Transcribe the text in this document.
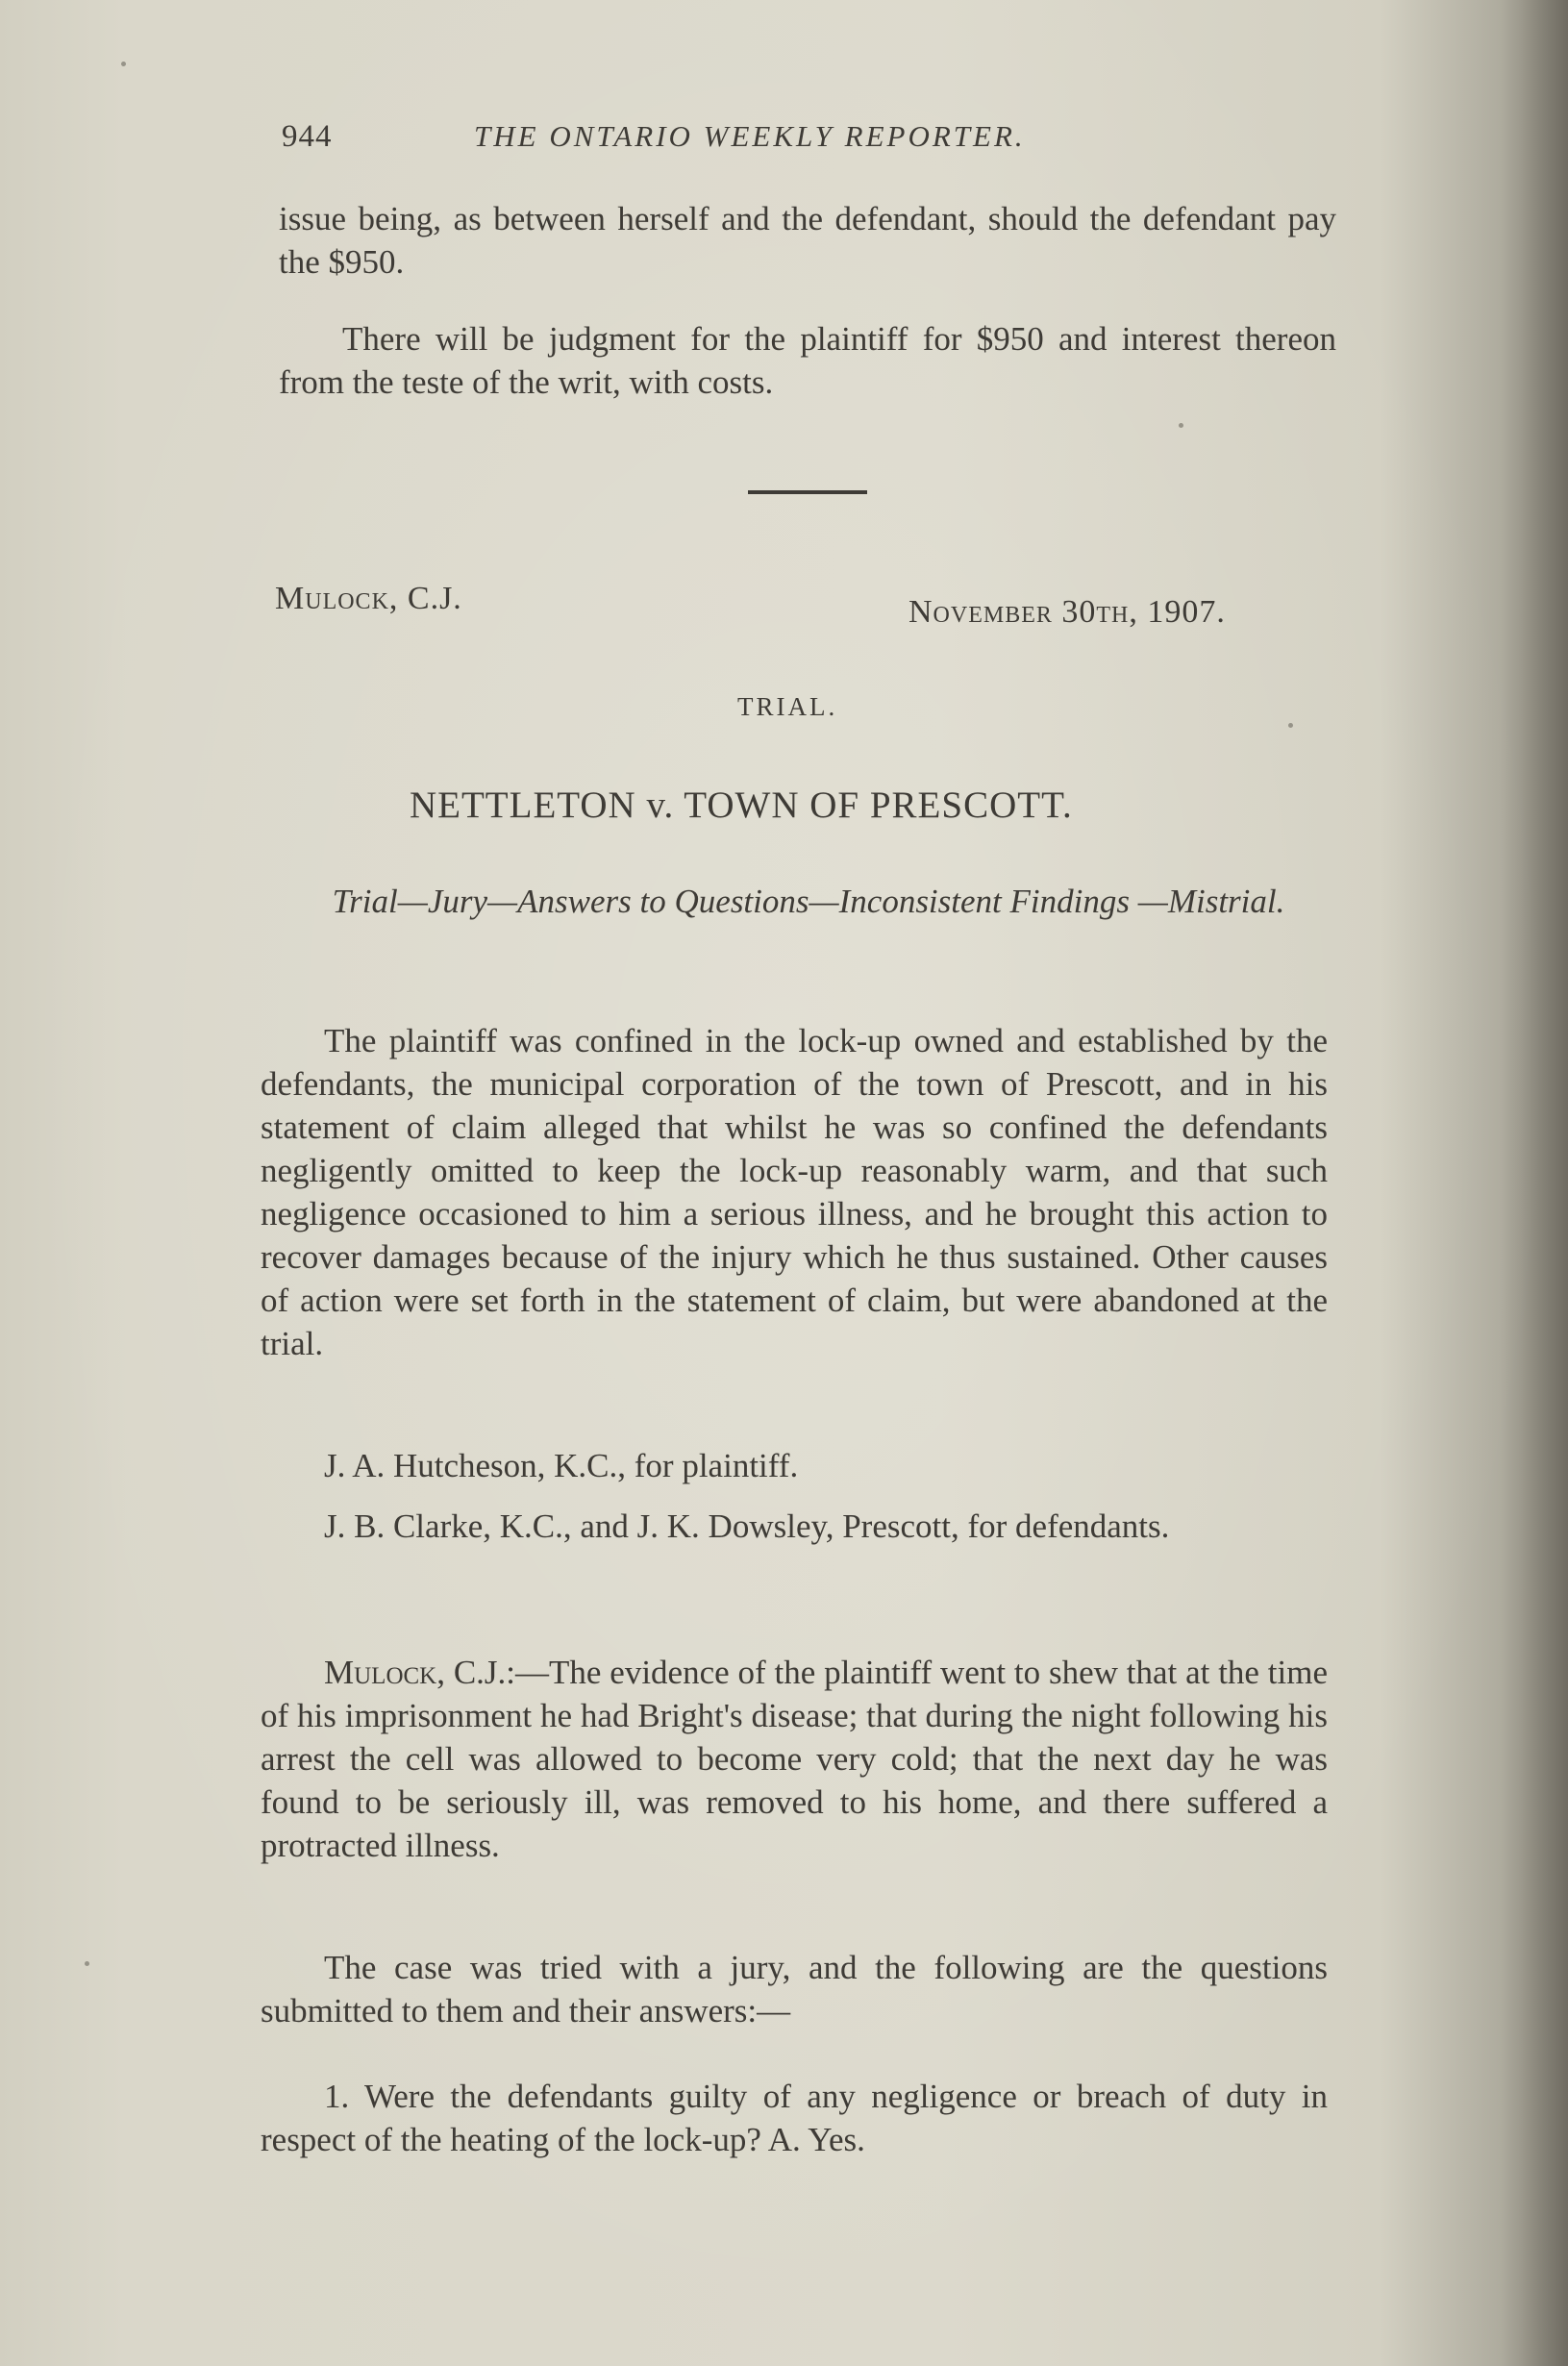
944	THE ONTARIO WEEKLY REPORTER.
issue being, as between herself and the defendant, should the defendant pay the $950.
There will be judgment for the plaintiff for $950 and interest thereon from the teste of the writ, with costs.
Mulock, C.J.	November 30th, 1907.
TRIAL.
NETTLETON v. TOWN OF PRESCOTT.
Trial—Jury—Answers to Questions—Inconsistent Findings —Mistrial.
The plaintiff was confined in the lock-up owned and established by the defendants, the municipal corporation of the town of Prescott, and in his statement of claim alleged that whilst he was so confined the defendants negligently omitted to keep the lock-up reasonably warm, and that such negligence occasioned to him a serious illness, and he brought this action to recover damages because of the injury which he thus sustained. Other causes of action were set forth in the statement of claim, but were abandoned at the trial.
J. A. Hutcheson, K.C., for plaintiff.
J. B. Clarke, K.C., and J. K. Dowsley, Prescott, for defendants.
Mulock, C.J.:—The evidence of the plaintiff went to shew that at the time of his imprisonment he had Bright's disease; that during the night following his arrest the cell was allowed to become very cold; that the next day he was found to be seriously ill, was removed to his home, and there suffered a protracted illness.
The case was tried with a jury, and the following are the questions submitted to them and their answers:—
1. Were the defendants guilty of any negligence or breach of duty in respect of the heating of the lock-up? A. Yes.
